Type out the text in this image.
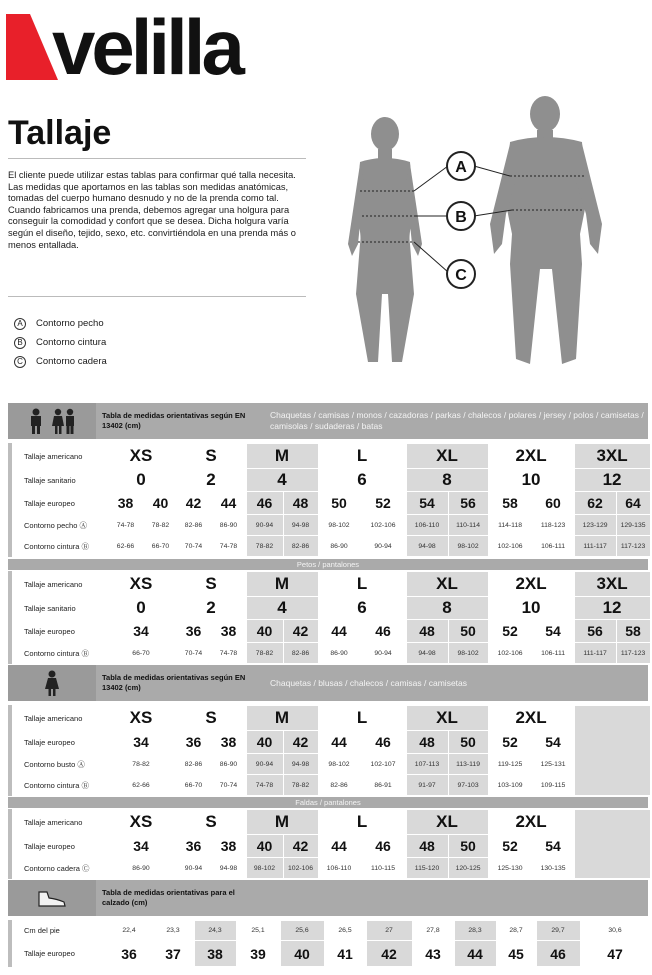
velilla
Tallaje
El cliente puede utilizar estas tablas para confirmar qué talla necesita. Las medidas que aportamos en las tablas son medidas anatómicas, tomadas del cuerpo humano desnudo y no de la prenda como tal. Cuando fabricamos una prenda, debemos agregar una holgura para conseguir la comodidad y confort que se desea. Dicha holgura varía según el diseño, tejido, sexo, etc. convirtiéndola en una prenda más o menos entallada.
A	Contorno pecho
B	Contorno cintura
C	Contorno cadera
A
B
C
Tabla de medidas orientativas según EN 13402 (cm)
Chaquetas / camisas / monos / cazadoras / parkas / chalecos / polares / jersey / polos / camisetas / camisolas / sudaderas / batas
Tallaje americano	XS		S		M		L		XL		2XL		3XL	
Tallaje sanitario	0		2		4		6		8		10		12	
Tallaje europeo	38	40	42	44	46	48	50	52	54	56	58	60	62	64
Contorno pecho Ⓐ	74-78	78-82	82-86	86-90	90-94	94-98	98-102	102-106	106-110	110-114	114-118	118-123	123-129	129-135
Contorno cintura Ⓑ	62-66	66-70	70-74	74-78	78-82	82-86	86-90	90-94	94-98	98-102	102-106	106-111	111-117	117-123
Petos / pantalones
Tallaje americano	XS	S		M		L		XL		2XL		3XL	
Tallaje sanitario	0	2		4		6		8		10		12	
Tallaje europeo	34	36	38	40	42	44	46	48	50	52	54	56	58
Contorno cintura Ⓑ	66-70	70-74	74-78	78-82	82-86	86-90	90-94	94-98	98-102	102-106	106-111	111-117	117-123
Tabla de medidas orientativas según EN 13402 (cm)	Chaquetas / blusas / chalecos / camisas / camisetas
Tallaje americano	XS	S		M		L		XL		2XL		
Tallaje europeo	34	36	38	40	42	44	46	48	50	52	54	
Contorno busto Ⓐ	78-82	82-86	86-90	90-94	94-98	98-102	102-107	107-113	113-119	119-125	125-131	
Contorno cintura Ⓑ	62-66	66-70	70-74	74-78	78-82	82-86	86-91	91-97	97-103	103-109	109-115	
Faldas / pantalones
Tallaje americano	XS	S		M		L		XL		2XL		
Tallaje europeo	34	36	38	40	42	44	46	48	50	52	54	
Contorno cadera Ⓒ	86-90	90-94	94-98	98-102	102-106	106-110	110-115	115-120	120-125	125-130	130-135	
Tabla de medidas orientativas para el calzado (cm)
Cm del pie	22,4	23,3	24,3	25,1	25,6	26,5	27	27,8	28,3	28,7	29,7	30,6
Tallaje europeo	36	37	38	39	40	41	42	43	44	45	46	47
